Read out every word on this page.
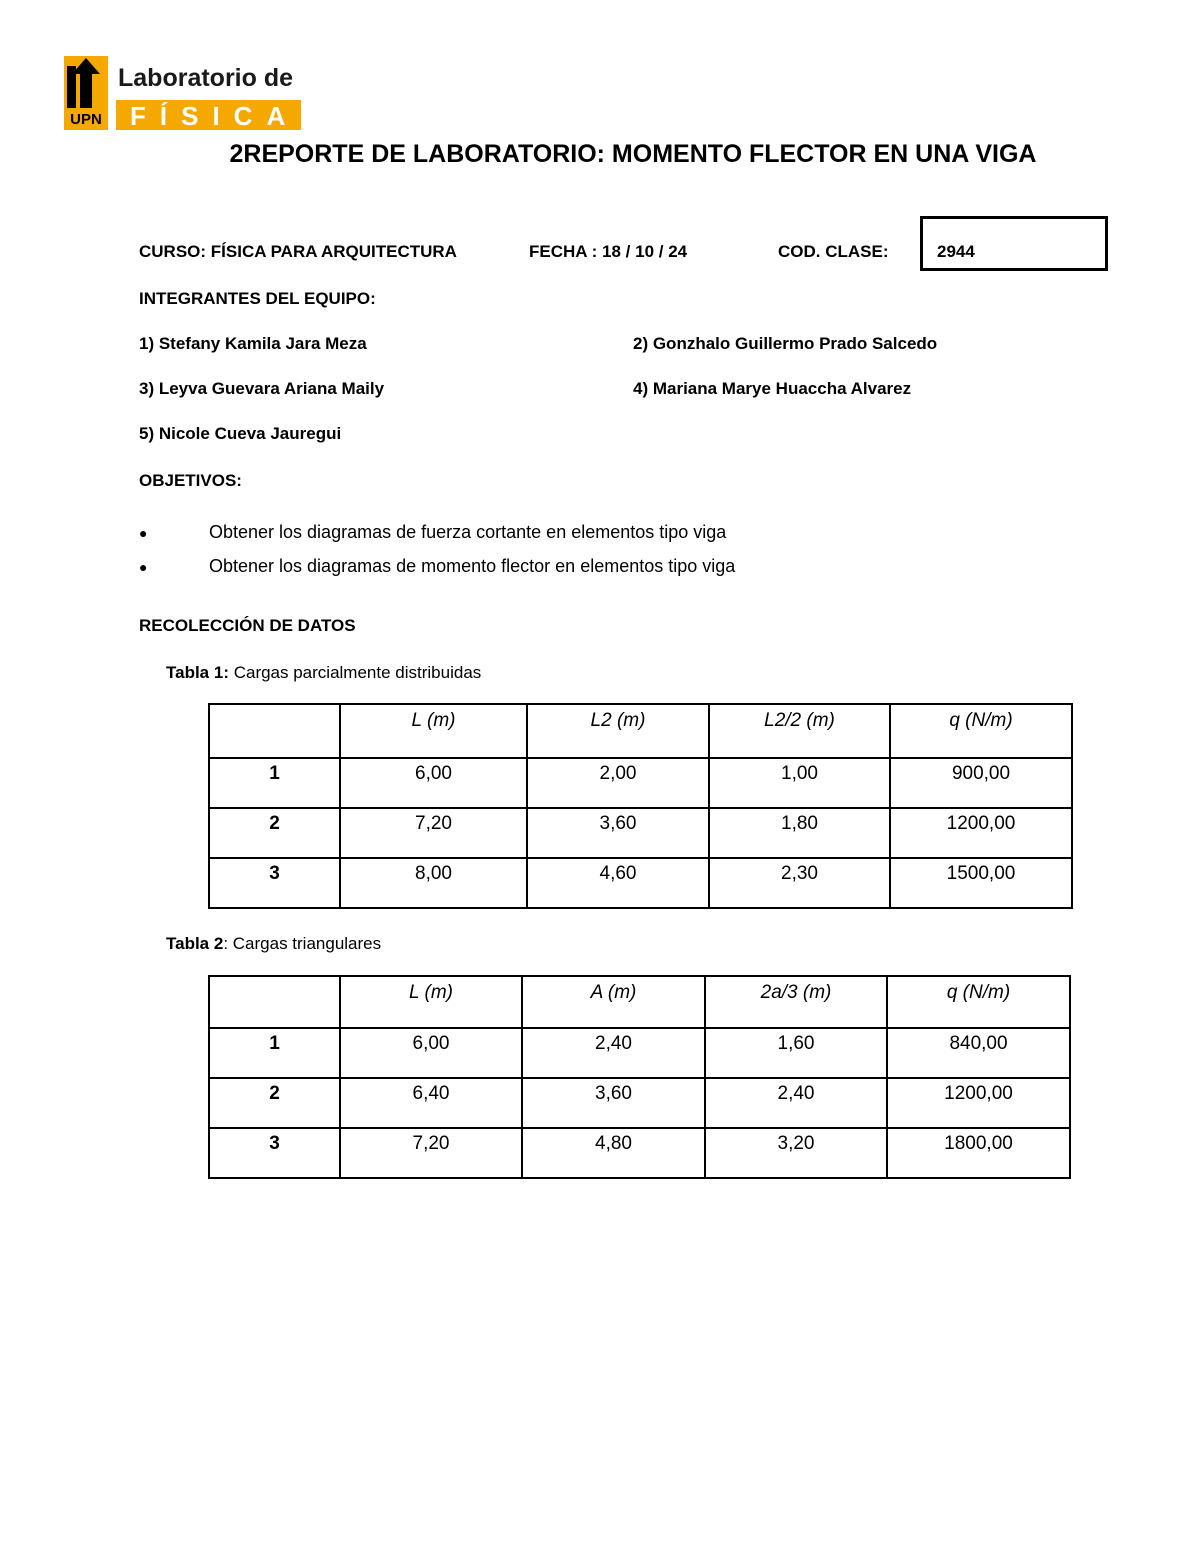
UPN
Laboratorio de
FÍSICA
2REPORTE DE LABORATORIO: MOMENTO FLECTOR EN UNA VIGA
CURSO: FÍSICA PARA ARQUITECTURA	FECHA : 18 / 10 / 24	COD. CLASE:	2944
INTEGRANTES DEL EQUIPO:
1) Stefany Kamila Jara Meza	2) Gonzhalo Guillermo Prado Salcedo
3) Leyva Guevara Ariana Maily	4) Mariana Marye Huaccha Alvarez
5) Nicole Cueva Jauregui
OBJETIVOS:
●	Obtener los diagramas de fuerza cortante en elementos tipo viga
●	Obtener los diagramas de momento flector en elementos tipo viga
RECOLECCIÓN DE DATOS
Tabla 1: Cargas parcialmente distribuidas
	L (m)	L2 (m)	L2/2 (m)	q (N/m)
1	6,00	2,00	1,00	900,00
2	7,20	3,60	1,80	1200,00
3	8,00	4,60	2,30	1500,00
Tabla 2: Cargas triangulares
	L (m)	A (m)	2a/3 (m)	q (N/m)
1	6,00	2,40	1,60	840,00
2	6,40	3,60	2,40	1200,00
3	7,20	4,80	3,20	1800,00
